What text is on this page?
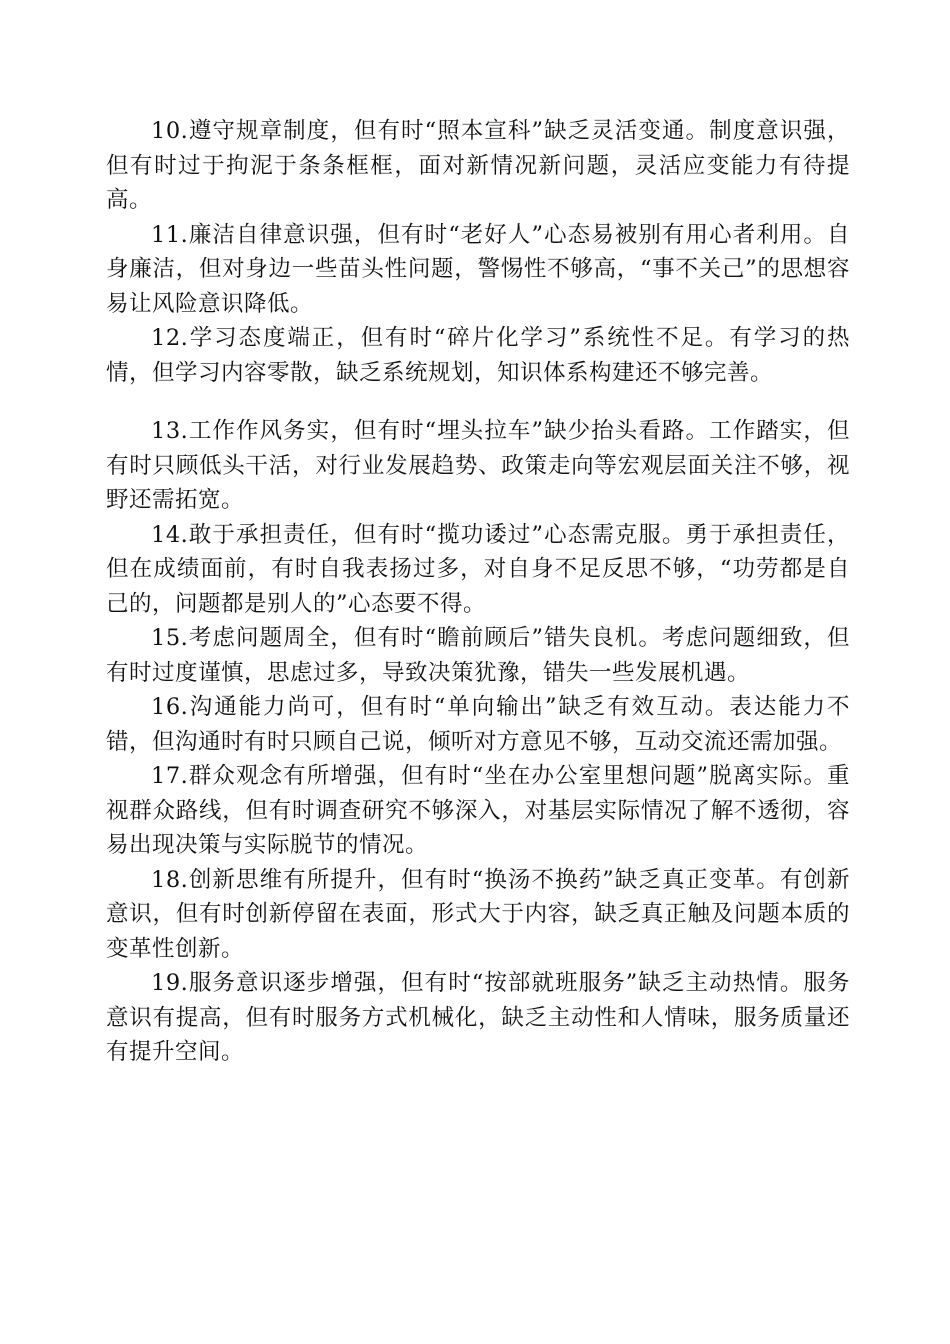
10.遵守规章制度，但有时“照本宣科”缺乏灵活变通。制度意识强，但有时过于拘泥于条条框框，面对新情况新问题，灵活应变能力有待提高。

11.廉洁自律意识强，但有时“老好人”心态易被别有用心者利用。自身廉洁，但对身边一些苗头性问题，警惕性不够高，“事不关己”的思想容易让风险意识降低。

12.学习态度端正，但有时“碎片化学习”系统性不足。有学习的热情，但学习内容零散，缺乏系统规划，知识体系构建还不够完善。

13.工作作风务实，但有时“埋头拉车”缺少抬头看路。工作踏实，但有时只顾低头干活，对行业发展趋势、政策走向等宏观层面关注不够，视野还需拓宽。

14.敢于承担责任，但有时“揽功诿过”心态需克服。勇于承担责任，但在成绩面前，有时自我表扬过多，对自身不足反思不够，“功劳都是自己的，问题都是别人的”心态要不得。

15.考虑问题周全，但有时“瞻前顾后”错失良机。考虑问题细致，但有时过度谨慎，思虑过多，导致决策犹豫，错失一些发展机遇。

16.沟通能力尚可，但有时“单向输出”缺乏有效互动。表达能力不错，但沟通时有时只顾自己说，倾听对方意见不够，互动交流还需加强。

17.群众观念有所增强，但有时“坐在办公室里想问题”脱离实际。重视群众路线，但有时调查研究不够深入，对基层实际情况了解不透彻，容易出现决策与实际脱节的情况。

18.创新思维有所提升，但有时“换汤不换药”缺乏真正变革。有创新意识，但有时创新停留在表面，形式大于内容，缺乏真正触及问题本质的变革性创新。

19.服务意识逐步增强，但有时“按部就班服务”缺乏主动热情。服务意识有提高，但有时服务方式机械化，缺乏主动性和人情味，服务质量还有提升空间。
